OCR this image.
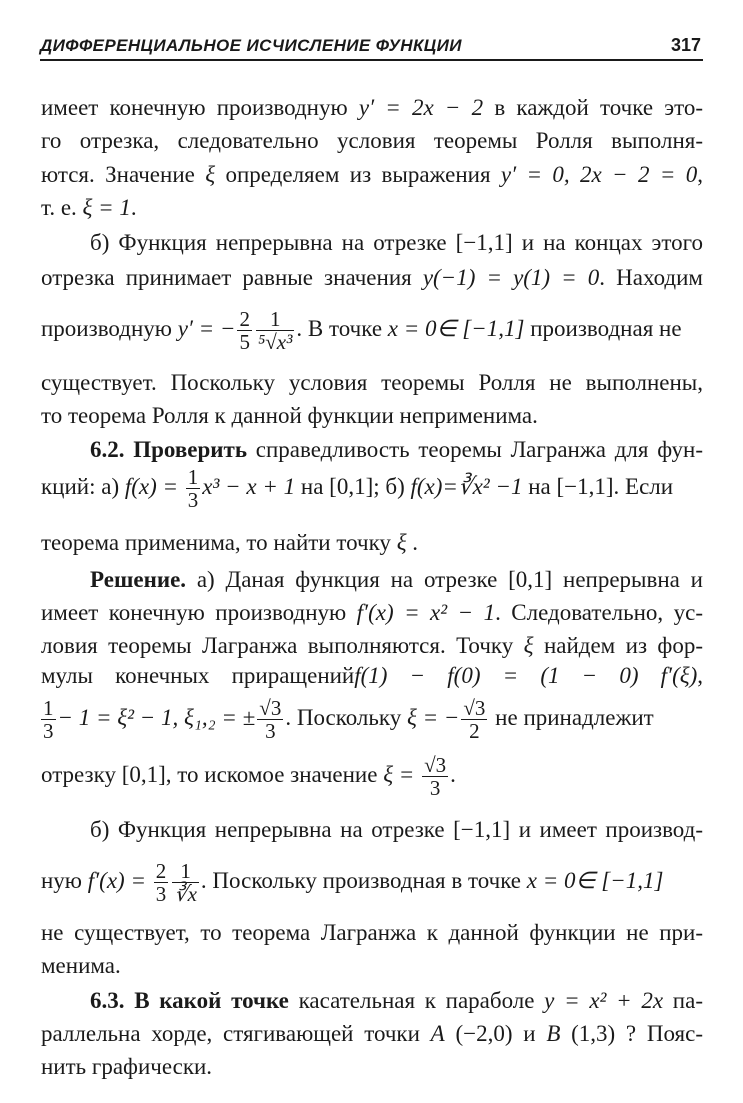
ДИФФЕРЕНЦИАЛЬНОЕ ИСЧИСЛЕНИЕ ФУНКЦИИ	317
имеет конечную производную y′ = 2x − 2 в каждой точке это-
го отрезка, следовательно условия теоремы Ролля выполня-
ются. Значение ξ определяем из выражения y′ = 0, 2x − 2 = 0,
т. е. ξ = 1.
б) Функция непрерывна на отрезке [−1,1] и на концах этого
отрезка принимает равные значения y(−1) = y(1) = 0. Находим
производную y′ = − $\frac{2}{5} \frac{1}{\text{⁵√x³}}$ . В точке x = 0∈ [−1,1] производная не
существует. Поскольку условия теоремы Ролля не выполнены,
то теорема Ролля к данной функции неприменима.
6.2. Проверить справедливость теоремы Лагранжа для фун-
кций: а) $f(x) = \frac{1}{3} x^3 - x + 1$ на [0,1]; б) f(x)=∛x² −1 на [−1,1]. Если
теорема применима, то найти точку ξ .
Решение. а) Даная функция на отрезке [0,1] непрерывна и
имеет конечную производную f′(x) = x² − 1. Следовательно, ус-
ловия теоремы Лагранжа выполняются. Точку ξ найдем из фор-
мулы конечных приращенийf(1) − f(0) = (1 − 0) f′(ξ),
$\frac{1}{3} - 1 = \xi^2 - 1$, ξ₁,₂ = ± $\frac{√3}{3}$ . Поскольку ξ = − $\frac{√3}{2}$ не принадлежит
отрезку [0,1], то искомое значение $\xi = \frac{√3}{3}$ .
б) Функция непрерывна на отрезке [−1,1] и имеет производ-
ную $f'(x) = \frac{2}{3} \frac{1}{∛x}$ . Поскольку производная в точке x = 0∈ [−1,1]
не существует, то теорема Лагранжа к данной функции не при-
менима.
6.3. В какой точке касательная к параболе y = x² + 2x па-
раллельна хорде, стягивающей точки A (−2,0) и B (1,3) ? Пояс-
нить графически.
